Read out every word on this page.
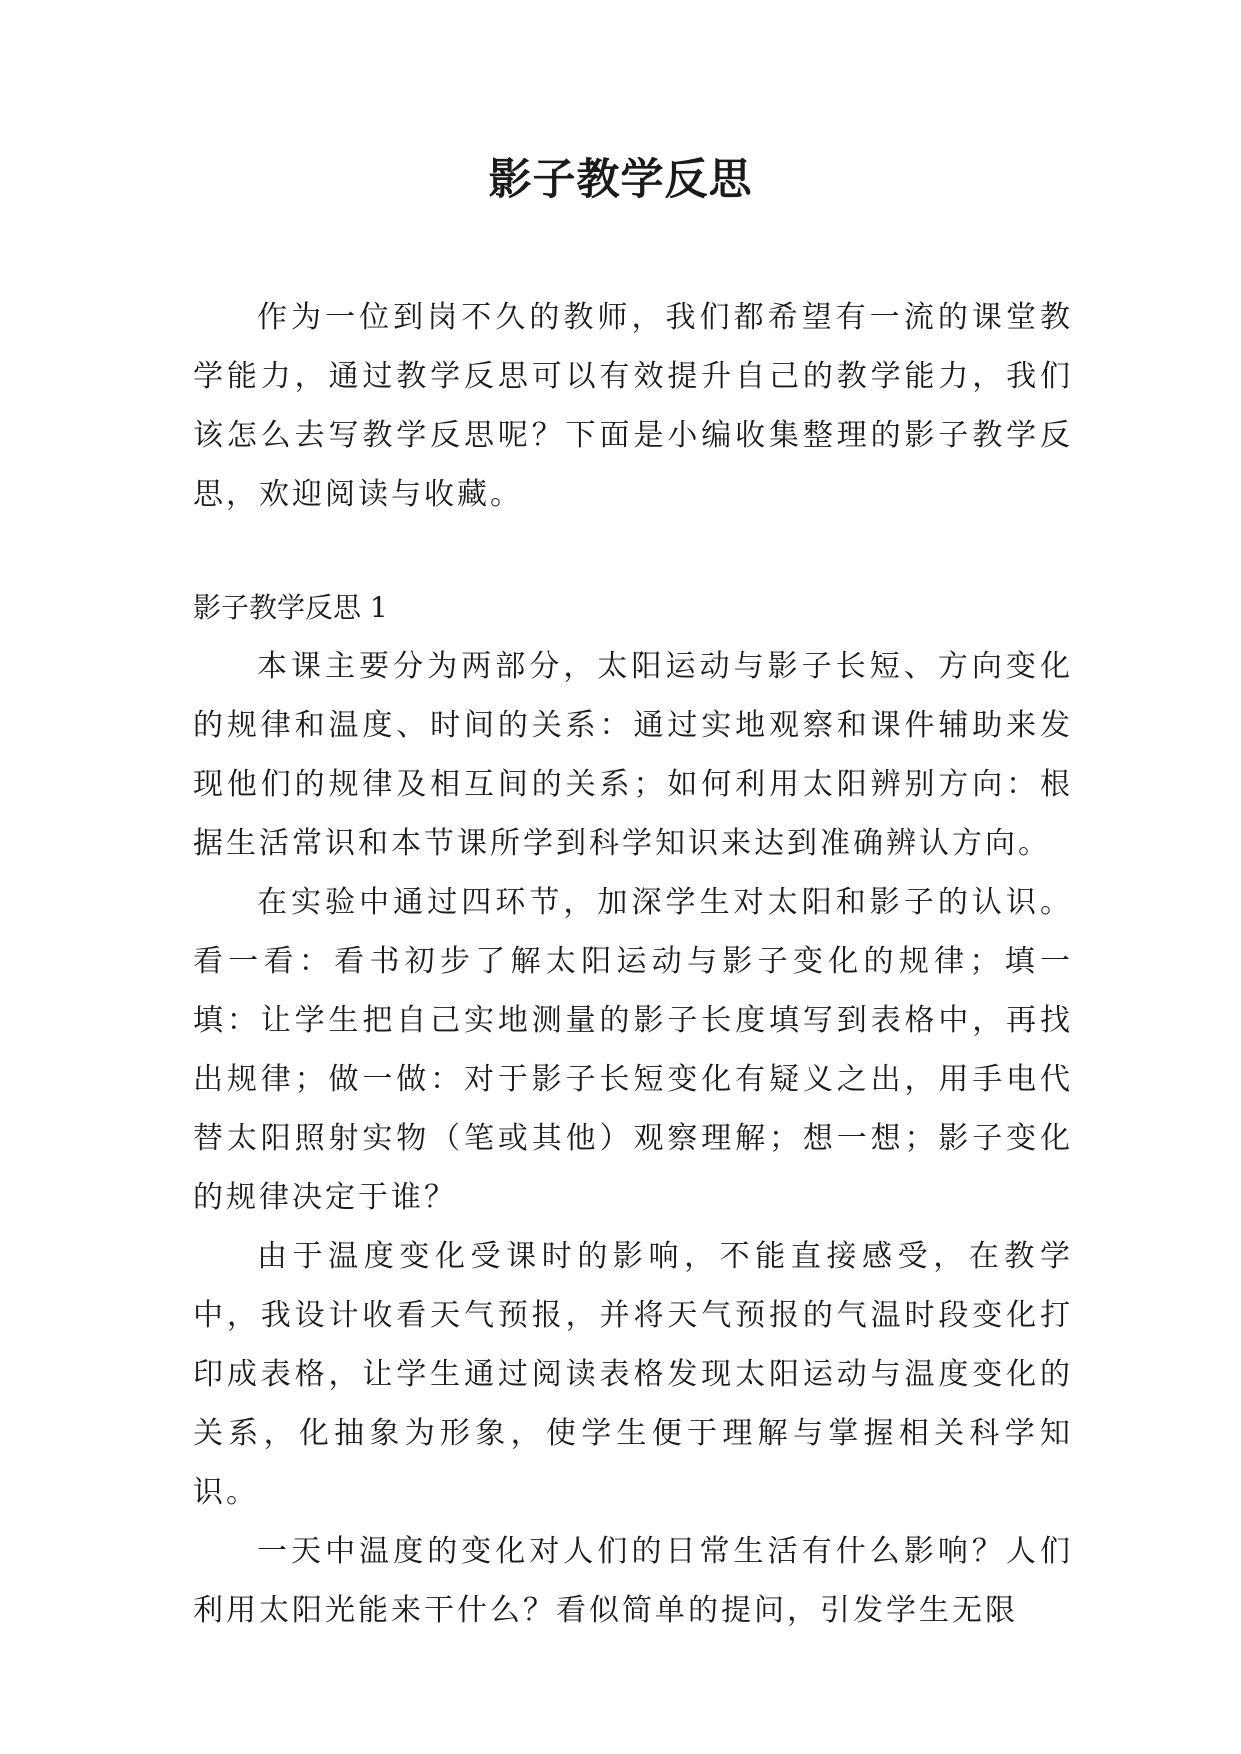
影子教学反思

作为一位到岗不久的教师，我们都希望有一流的课堂教学能力，通过教学反思可以有效提升自己的教学能力，我们该怎么去写教学反思呢？下面是小编收集整理的影子教学反思，欢迎阅读与收藏。

影子教学反思 1

本课主要分为两部分，太阳运动与影子长短、方向变化的规律和温度、时间的关系：通过实地观察和课件辅助来发现他们的规律及相互间的关系；如何利用太阳辨别方向：根据生活常识和本节课所学到科学知识来达到准确辨认方向。

在实验中通过四环节，加深学生对太阳和影子的认识。看一看：看书初步了解太阳运动与影子变化的规律；填一填：让学生把自己实地测量的影子长度填写到表格中，再找出规律；做一做：对于影子长短变化有疑义之出，用手电代替太阳照射实物（笔或其他）观察理解；想一想；影子变化的规律决定于谁？

由于温度变化受课时的影响，不能直接感受，在教学中，我设计收看天气预报，并将天气预报的气温时段变化打印成表格，让学生通过阅读表格发现太阳运动与温度变化的关系，化抽象为形象，使学生便于理解与掌握相关科学知识。

一天中温度的变化对人们的日常生活有什么影响？人们利用太阳光能来干什么？看似简单的提问，引发学生无限
